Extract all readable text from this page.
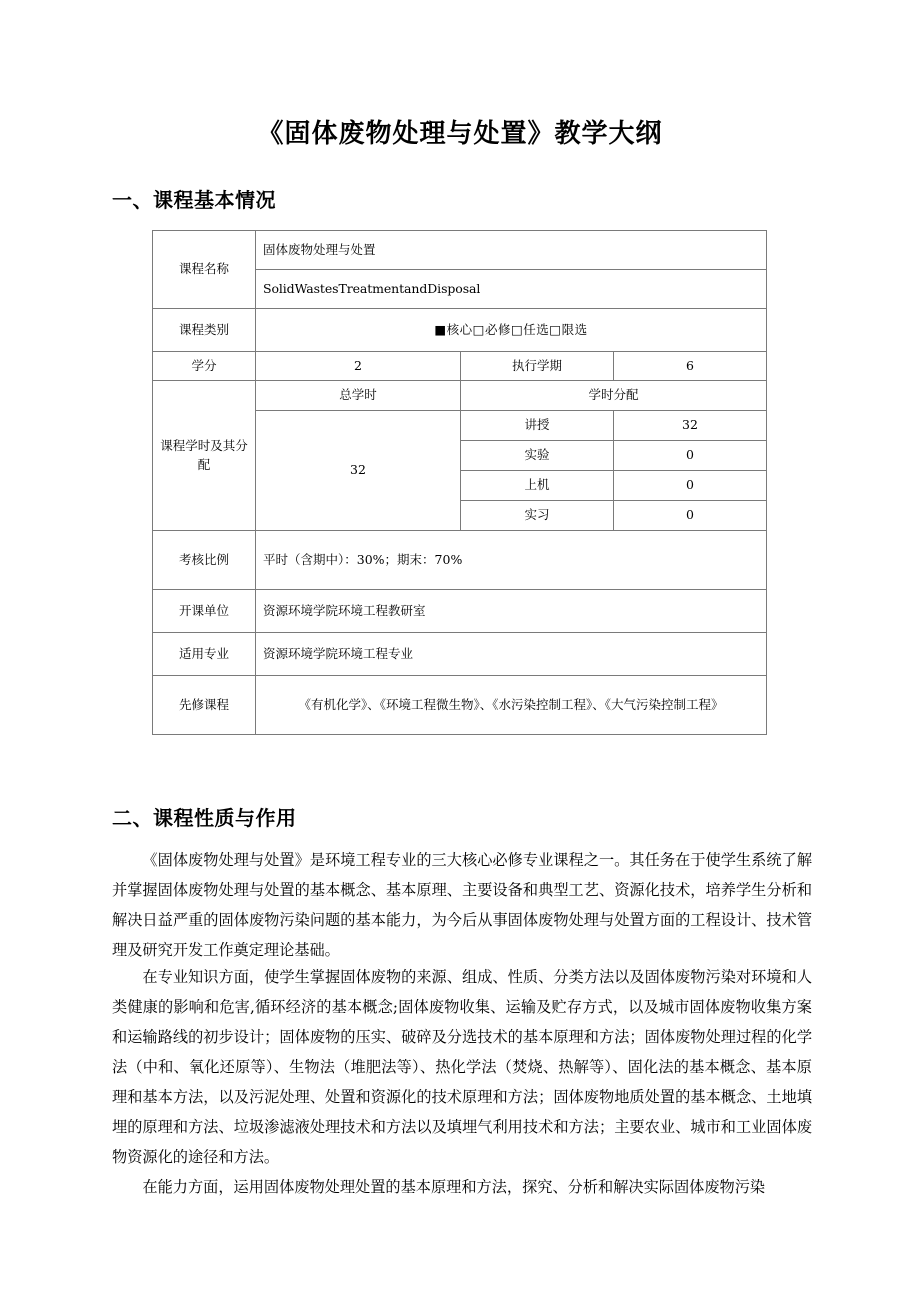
《固体废物处理与处置》教学大纲
一、课程基本情况
课程名称	固体废物处理与处置		
	SolidWastesTreatmentandDisposal		
课程类别	■核心□必修□任选□限选		
学分	2	执行学期	6
课程学时及其分配	总学时	学时分配	
	32	讲授	32
		实验	0
		上机	0
		实习	0
考核比例	平时（含期中）：30%；期末：70%		
开课单位	资源环境学院环境工程教研室		
适用专业	资源环境学院环境工程专业		
先修课程	《有机化学》、《环境工程微生物》、《水污染控制工程》、《大气污染控制工程》		
二、课程性质与作用
《固体废物处理与处置》是环境工程专业的三大核心必修专业课程之一。其任务在于使学生系统了解并掌握固体废物处理与处置的基本概念、基本原理、主要设备和典型工艺、资源化技术，培养学生分析和解决日益严重的固体废物污染问题的基本能力，为今后从事固体废物处理与处置方面的工程设计、技术管理及研究开发工作奠定理论基础。
在专业知识方面，使学生掌握固体废物的来源、组成、性质、分类方法以及固体废物污染对环境和人类健康的影响和危害,循环经济的基本概念;固体废物收集、运输及贮存方式，以及城市固体废物收集方案和运输路线的初步设计；固体废物的压实、破碎及分选技术的基本原理和方法；固体废物处理过程的化学法（中和、氧化还原等）、生物法（堆肥法等）、热化学法（焚烧、热解等）、固化法的基本概念、基本原理和基本方法，以及污泥处理、处置和资源化的技术原理和方法；固体废物地质处置的基本概念、土地填埋的原理和方法、垃圾渗滤液处理技术和方法以及填埋气利用技术和方法；主要农业、城市和工业固体废物资源化的途径和方法。
在能力方面，运用固体废物处理处置的基本原理和方法，探究、分析和解决实际固体废物污染
